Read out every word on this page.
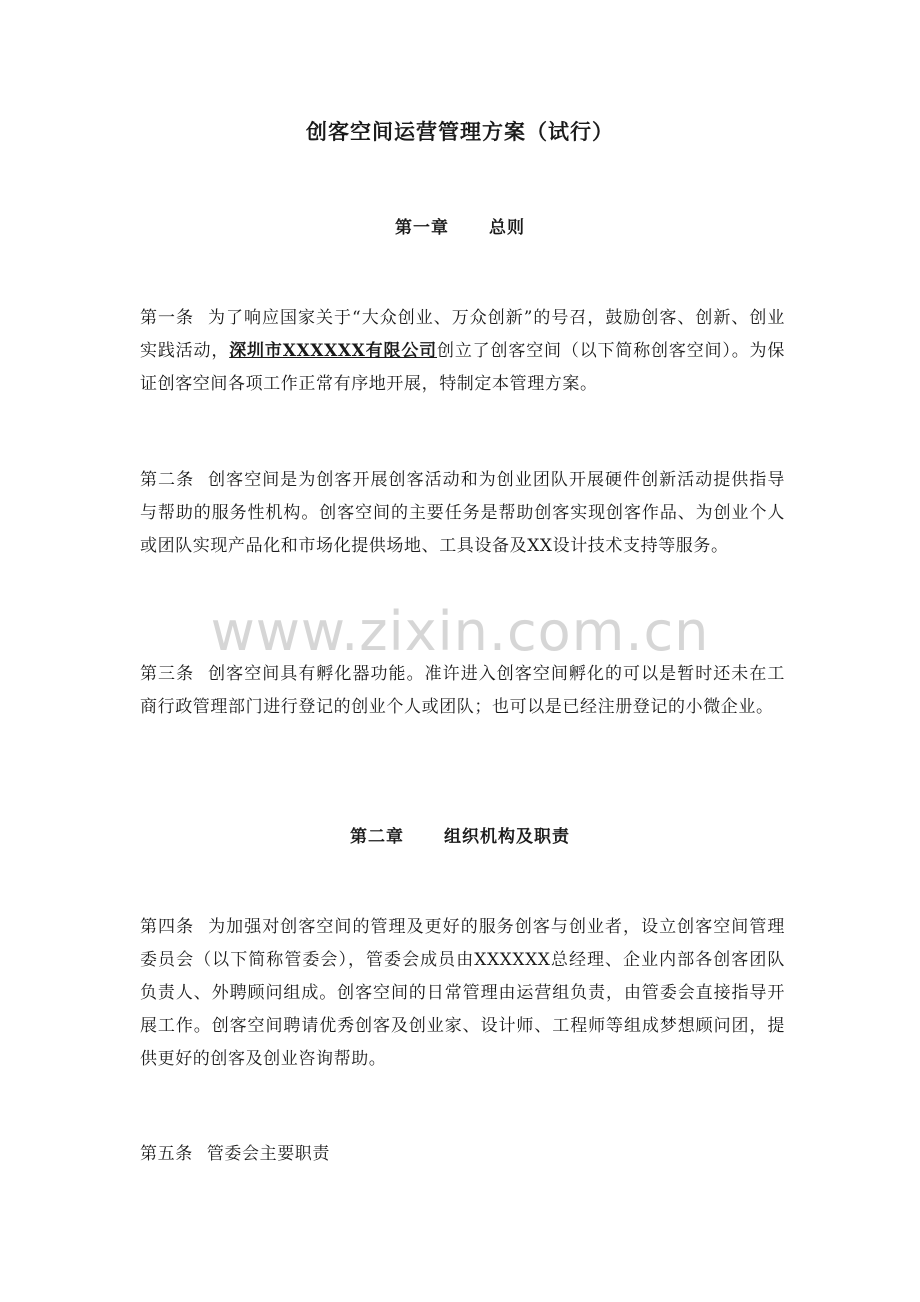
创客空间运营管理方案（试行）
第一章 总则
第一条 为了响应国家关于“大众创业、万众创新”的号召，鼓励创客、创新、创业实践活动，深圳市XXXXXX有限公司创立了创客空间（以下简称创客空间）。为保证创客空间各项工作正常有序地开展，特制定本管理方案。
第二条 创客空间是为创客开展创客活动和为创业团队开展硬件创新活动提供指导与帮助的服务性机构。创客空间的主要任务是帮助创客实现创客作品、为创业个人或团队实现产品化和市场化提供场地、工具设备及XX设计技术支持等服务。
第三条 创客空间具有孵化器功能。准许进入创客空间孵化的可以是暂时还未在工商行政管理部门进行登记的创业个人或团队；也可以是已经注册登记的小微企业。
第二章 组织机构及职责
第四条 为加强对创客空间的管理及更好的服务创客与创业者，设立创客空间管理委员会（以下简称管委会），管委会成员由XXXXXX总经理、企业内部各创客团队负责人、外聘顾问组成。创客空间的日常管理由运营组负责，由管委会直接指导开展工作。创客空间聘请优秀创客及创业家、设计师、工程师等组成梦想顾问团，提供更好的创客及创业咨询帮助。
第五条 管委会主要职责
www.zixin.com.cn
